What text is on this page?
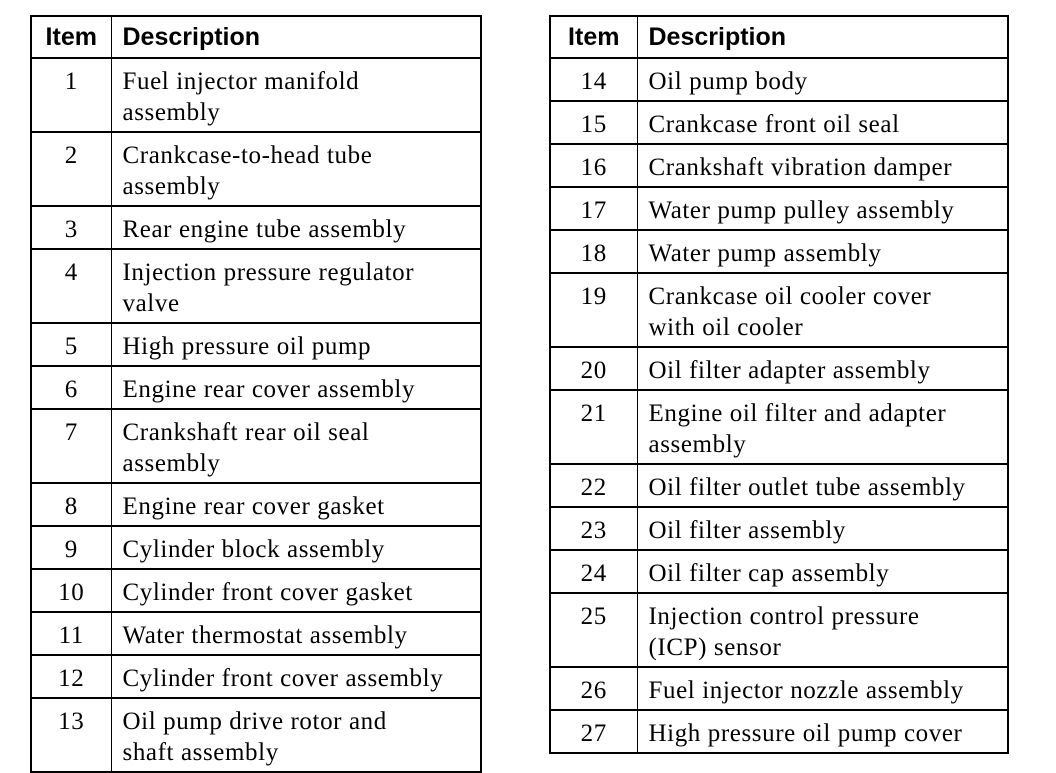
Item	Description
1	Fuel injector manifold
assembly

2	Crankcase-to-head tube
assembly

3	Rear engine tube assembly

4	Injection pressure regulator
valve

5	High pressure oil pump

6	Engine rear cover assembly

7	Crankshaft rear oil seal
assembly

8	Engine rear cover gasket

9	Cylinder block assembly

10	Cylinder front cover gasket

11	Water thermostat assembly

12	Cylinder front cover assembly

13	Oil pump drive rotor and
shaft assembly
Item	Description
14	Oil pump body

15	Crankcase front oil seal

16	Crankshaft vibration damper

17	Water pump pulley assembly

18	Water pump assembly

19	Crankcase oil cooler cover
with oil cooler

20	Oil filter adapter assembly

21	Engine oil filter and adapter
assembly

22	Oil filter outlet tube assembly

23	Oil filter assembly

24	Oil filter cap assembly

25	Injection control pressure
(ICP) sensor

26	Fuel injector nozzle assembly

27	High pressure oil pump cover
